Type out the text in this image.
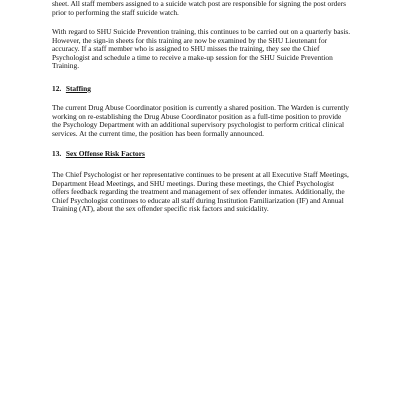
sheet. All staff members assigned to a suicide watch post are responsible for signing the post orders prior to performing the staff suicide watch.

With regard to SHU Suicide Prevention training, this continues to be carried out on a quarterly basis. However, the sign-in sheets for this training are now be examined by the SHU Lieutenant for accuracy. If a staff member who is assigned to SHU misses the training, they see the Chief Psychologist and schedule a time to receive a make-up session for the SHU Suicide Prevention Training.

12. Staffing

The current Drug Abuse Coordinator position is currently a shared position. The Warden is currently working on re-establishing the Drug Abuse Coordinator position as a full-time position to provide the Psychology Department with an additional supervisory psychologist to perform critical clinical services. At the current time, the position has been formally announced.

13. Sex Offense Risk Factors

The Chief Psychologist or her representative continues to be present at all Executive Staff Meetings, Department Head Meetings, and SHU meetings. During these meetings, the Chief Psychologist offers feedback regarding the treatment and management of sex offender inmates. Additionally, the Chief Psychologist continues to educate all staff during Institution Familiarization (IF) and Annual Training (AT), about the sex offender specific risk factors and suicidality.
